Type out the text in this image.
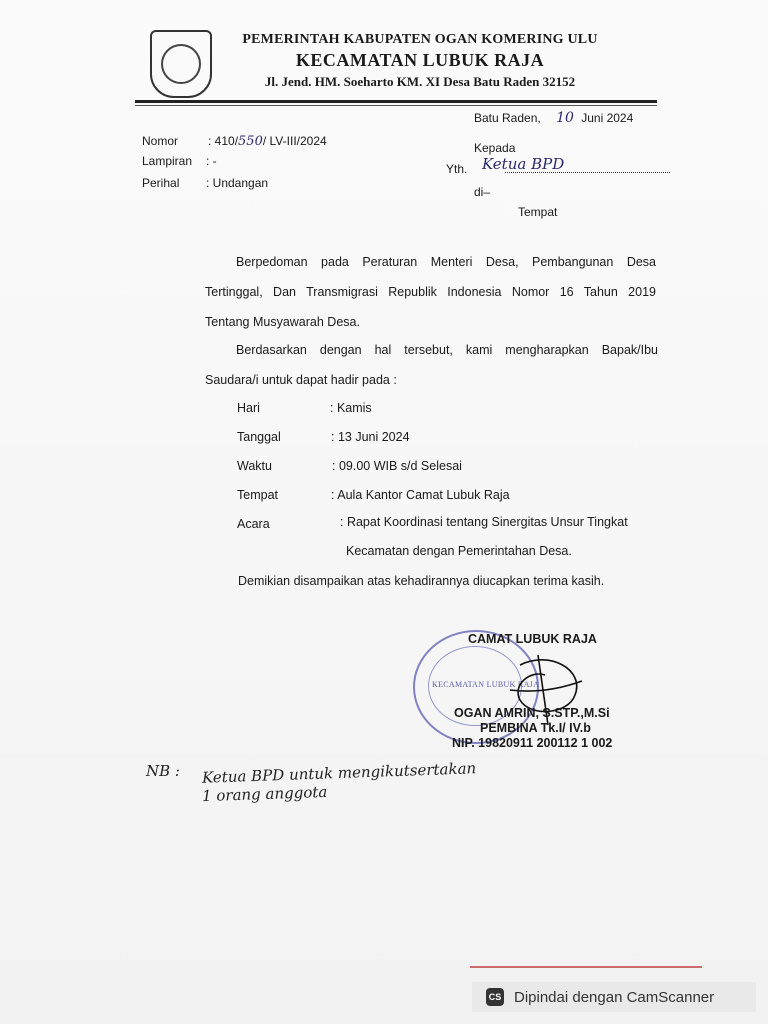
PEMERINTAH KABUPATEN OGAN KOMERING ULU
KECAMATAN LUBUK RAJA
Jl. Jend. HM. Soeharto KM. XI Desa Batu Raden 32152
Batu Raden, 10 Juni 2024
Nomor : 410/550/ LV-III/2024
Lampiran : -
Perihal : Undangan
Kepada
Yth. Ketua BPD
di–
Tempat
Berpedoman pada Peraturan Menteri Desa, Pembangunan Desa
Tertinggal, Dan Transmigrasi Republik Indonesia Nomor 16 Tahun 2019
Tentang Musyawarah Desa.
Berdasarkan dengan hal tersebut, kami mengharapkan Bapak/Ibu
Saudara/i untuk dapat hadir pada :
Hari	: Kamis
Tanggal	: 13 Juni 2024
Waktu	: 09.00 WIB s/d Selesai
Tempat	: Aula Kantor Camat Lubuk Raja
Acara	: Rapat Koordinasi tentang Sinergitas Unsur Tingkat
Kecamatan dengan Pemerintahan Desa.
Demikian disampaikan atas kehadirannya diucapkan terima kasih.
KECAMATAN LUBUK RAJA
CAMAT LUBUK RAJA
OGAN AMRIN, S.STP.,M.Si
PEMBINA Tk.I/ IV.b
NIP. 19820911 200112 1 002
NB : Ketua BPD untuk mengikutsertakan
1 orang anggota
CS Dipindai dengan CamScanner
